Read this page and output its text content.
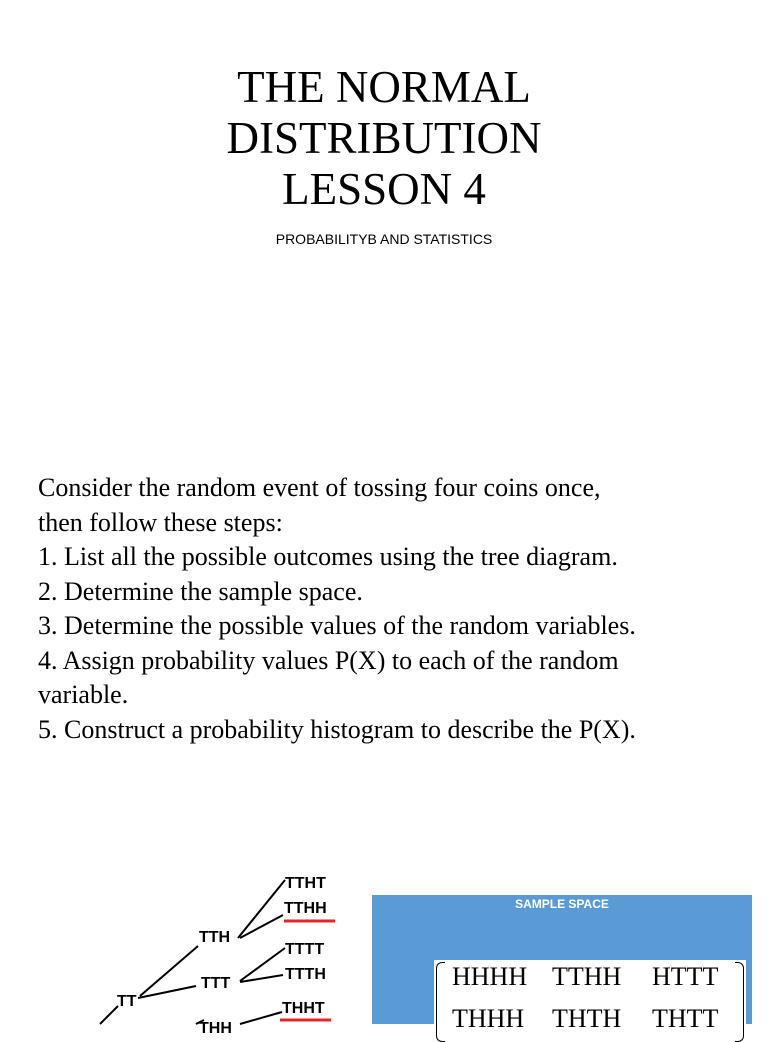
THE NORMAL
DISTRIBUTION
LESSON 4
PROBABILITYB AND STATISTICS
Consider the random event of tossing four coins once,
then follow these steps:
1. List all the possible outcomes using the tree diagram.
2. Determine the sample space.
3. Determine the possible values of the random variables.
4. Assign probability values P(X) to each of the random
variable.
5. Construct a probability histogram to describe the P(X).
TT
TTH
TTT
THH
TTHT
TTHH
TTTT
TTTH
THHT
SAMPLE SPACE
HHHH TTHH	HTTT
THHH	THTH	THTT
